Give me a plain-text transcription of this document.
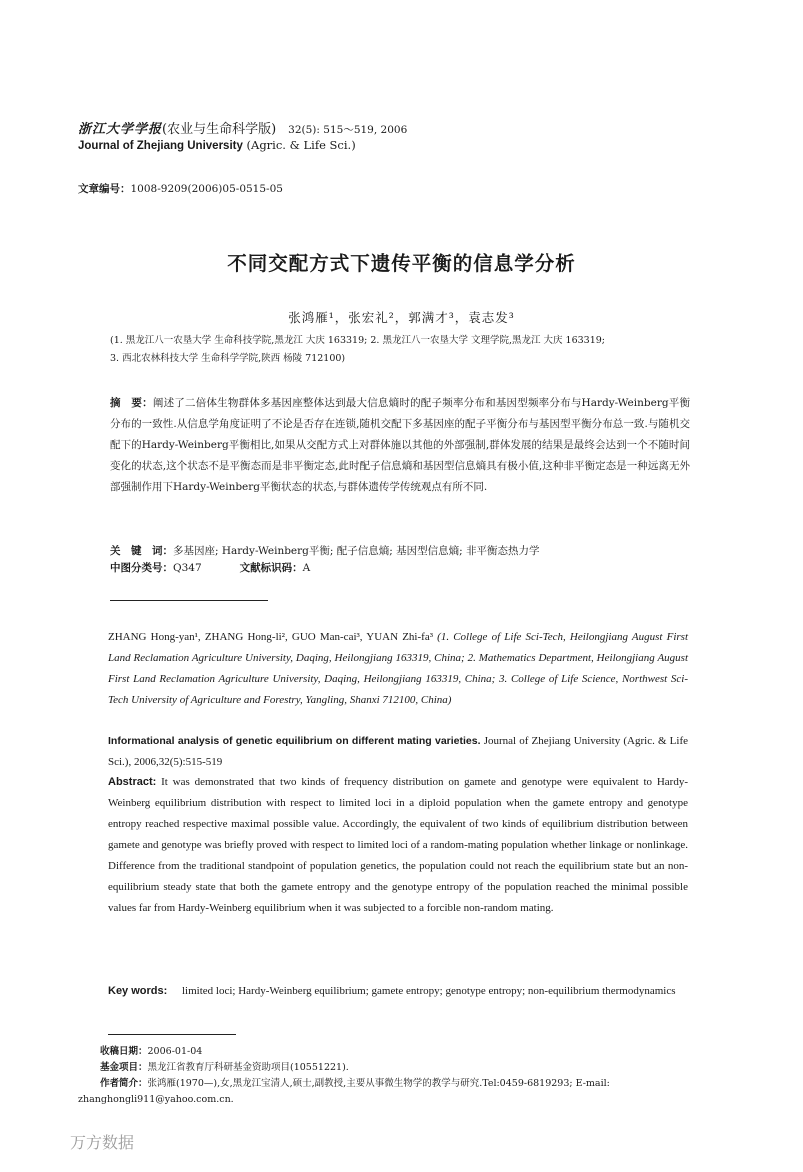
浙江大学学报(农业与生命科学版) 32(5): 515～519, 2006
Journal of Zhejiang University (Agric. & Life Sci.)
文章编号：1008-9209(2006)05-0515-05
不同交配方式下遗传平衡的信息学分析
张鸿雁¹，张宏礼²，郭满才³，袁志发³
(1. 黑龙江八一农垦大学 生命科技学院,黑龙江 大庆 163319; 2. 黑龙江八一农垦大学 文理学院,黑龙江 大庆 163319;
3. 西北农林科技大学 生命科学学院,陕西 杨陵 712100)
摘　要：阐述了二倍体生物群体多基因座整体达到最大信息熵时的配子频率分布和基因型频率分布与Hardy-Weinberg平衡分布的一致性.从信息学角度证明了不论是否存在连锁,随机交配下多基因座的配子平衡分布与基因型平衡分布总一致.与随机交配下的Hardy-Weinberg平衡相比,如果从交配方式上对群体施以其他的外部强制,群体发展的结果是最终会达到一个不随时间变化的状态,这个状态不是平衡态而是非平衡定态,此时配子信息熵和基因型信息熵具有极小值,这种非平衡定态是一种远离无外部强制作用下Hardy-Weinberg平衡状态的状态,与群体遗传学传统观点有所不同.
关　键　词：多基因座; Hardy-Weinberg平衡; 配子信息熵; 基因型信息熵; 非平衡态热力学
中图分类号：Q347	文献标识码：A
ZHANG Hong-yan¹, ZHANG Hong-li², GUO Man-cai³, YUAN Zhi-fa³ (1. College of Life Sci-Tech, Heilongjiang August First Land Reclamation Agriculture University, Daqing, Heilongjiang 163319, China; 2. Mathematics Department, Heilongjiang August First Land Reclamation Agriculture University, Daqing, Heilongjiang 163319, China; 3. College of Life Science, Northwest Sci-Tech University of Agriculture and Forestry, Yangling, Shanxi 712100, China)
Informational analysis of genetic equilibrium on different mating varieties. Journal of Zhejiang University (Agric. & Life Sci.), 2006,32(5):515-519
Abstract: It was demonstrated that two kinds of frequency distribution on gamete and genotype were equivalent to Hardy-Weinberg equilibrium distribution with respect to limited loci in a diploid population when the gamete entropy and genotype entropy reached respective maximal possible value. Accordingly, the equivalent of two kinds of equilibrium distribution between gamete and genotype was briefly proved with respect to limited loci of a random-mating population whether linkage or nonlinkage. Difference from the traditional standpoint of population genetics, the population could not reach the equilibrium state but an non-equilibrium steady state that both the gamete entropy and the genotype entropy of the population reached the minimal possible values far from Hardy-Weinberg equilibrium when it was subjected to a forcible non-random mating.
Key words: limited loci; Hardy-Weinberg equilibrium; gamete entropy; genotype entropy; non-equilibrium thermodynamics
收稿日期：2006-01-04
基金项目：黑龙江省教育厅科研基金资助项目(10551221).
作者简介：张鸿雁(1970—),女,黑龙江宝清人,硕士,副教授,主要从事微生物学的教学与研究.Tel:0459-6819293; E-mail:
zhanghongli911@yahoo.com.cn.
万方数据
